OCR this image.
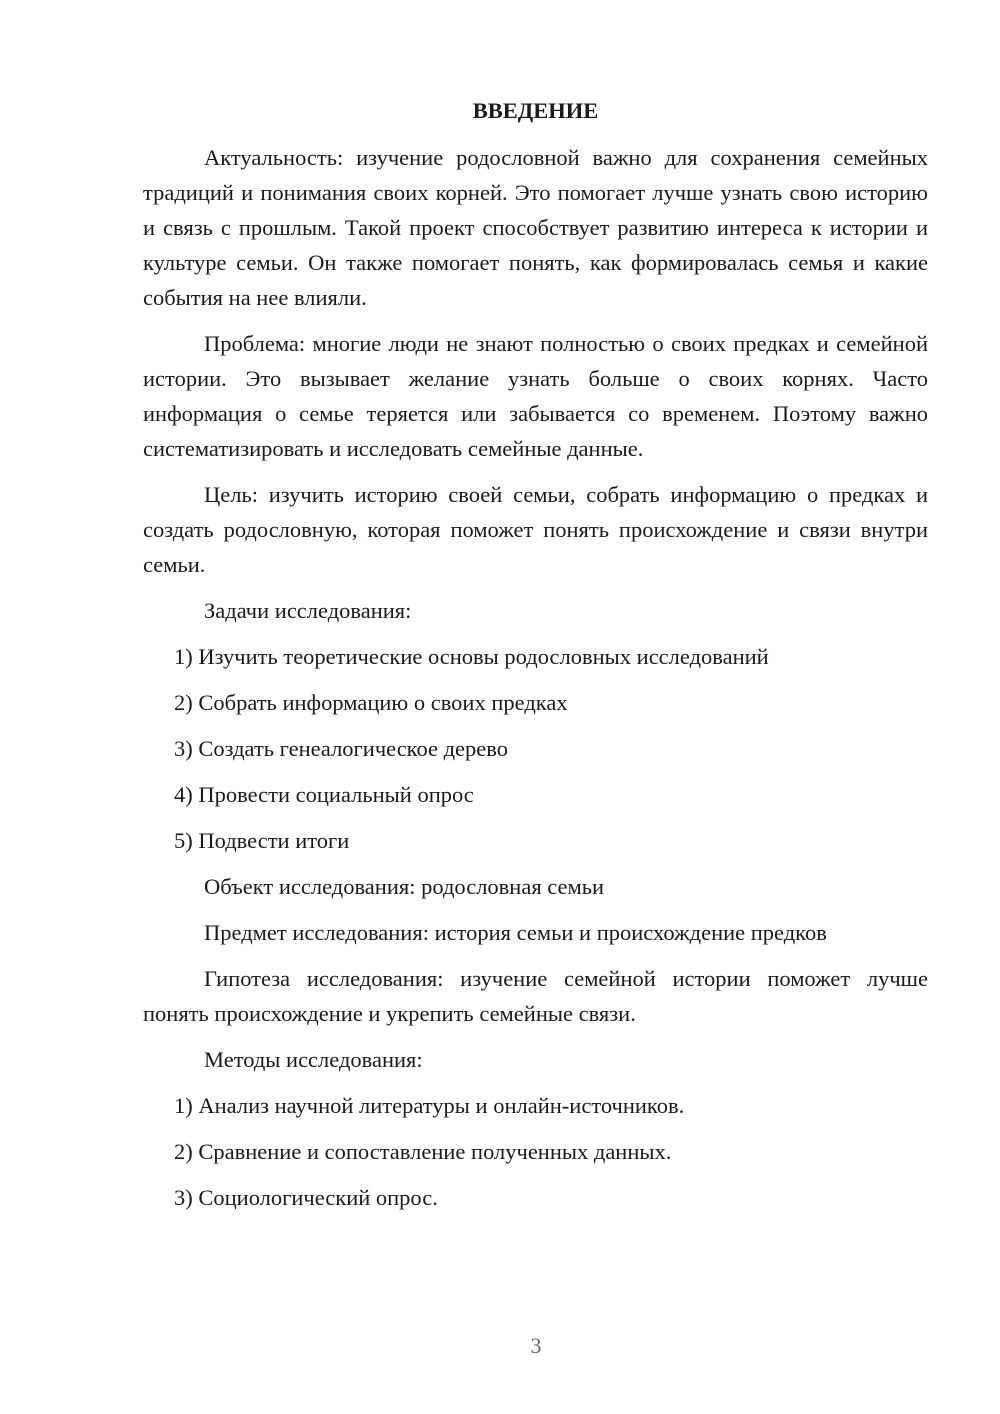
ВВЕДЕНИЕ
Актуальность: изучение родословной важно для сохранения семейных традиций и понимания своих корней. Это помогает лучше узнать свою историю и связь с прошлым. Такой проект способствует развитию интереса к истории и культуре семьи. Он также помогает понять, как формировалась семья и какие события на нее влияли.
Проблема: многие люди не знают полностью о своих предках и семейной истории. Это вызывает желание узнать больше о своих корнях. Часто информация о семье теряется или забывается со временем. Поэтому важно систематизировать и исследовать семейные данные.
Цель: изучить историю своей семьи, собрать информацию о предках и создать родословную, которая поможет понять происхождение и связи внутри семьи.
Задачи исследования:
1) Изучить теоретические основы родословных исследований
2) Собрать информацию о своих предках
3) Создать генеалогическое дерево
4) Провести социальный опрос
5) Подвести итоги
Объект исследования: родословная семьи
Предмет исследования: история семьи и происхождение предков
Гипотеза исследования: изучение семейной истории поможет лучше понять происхождение и укрепить семейные связи.
Методы исследования:
1) Анализ научной литературы и онлайн-источников.
2) Сравнение и сопоставление полученных данных.
3) Социологический опрос.
3
